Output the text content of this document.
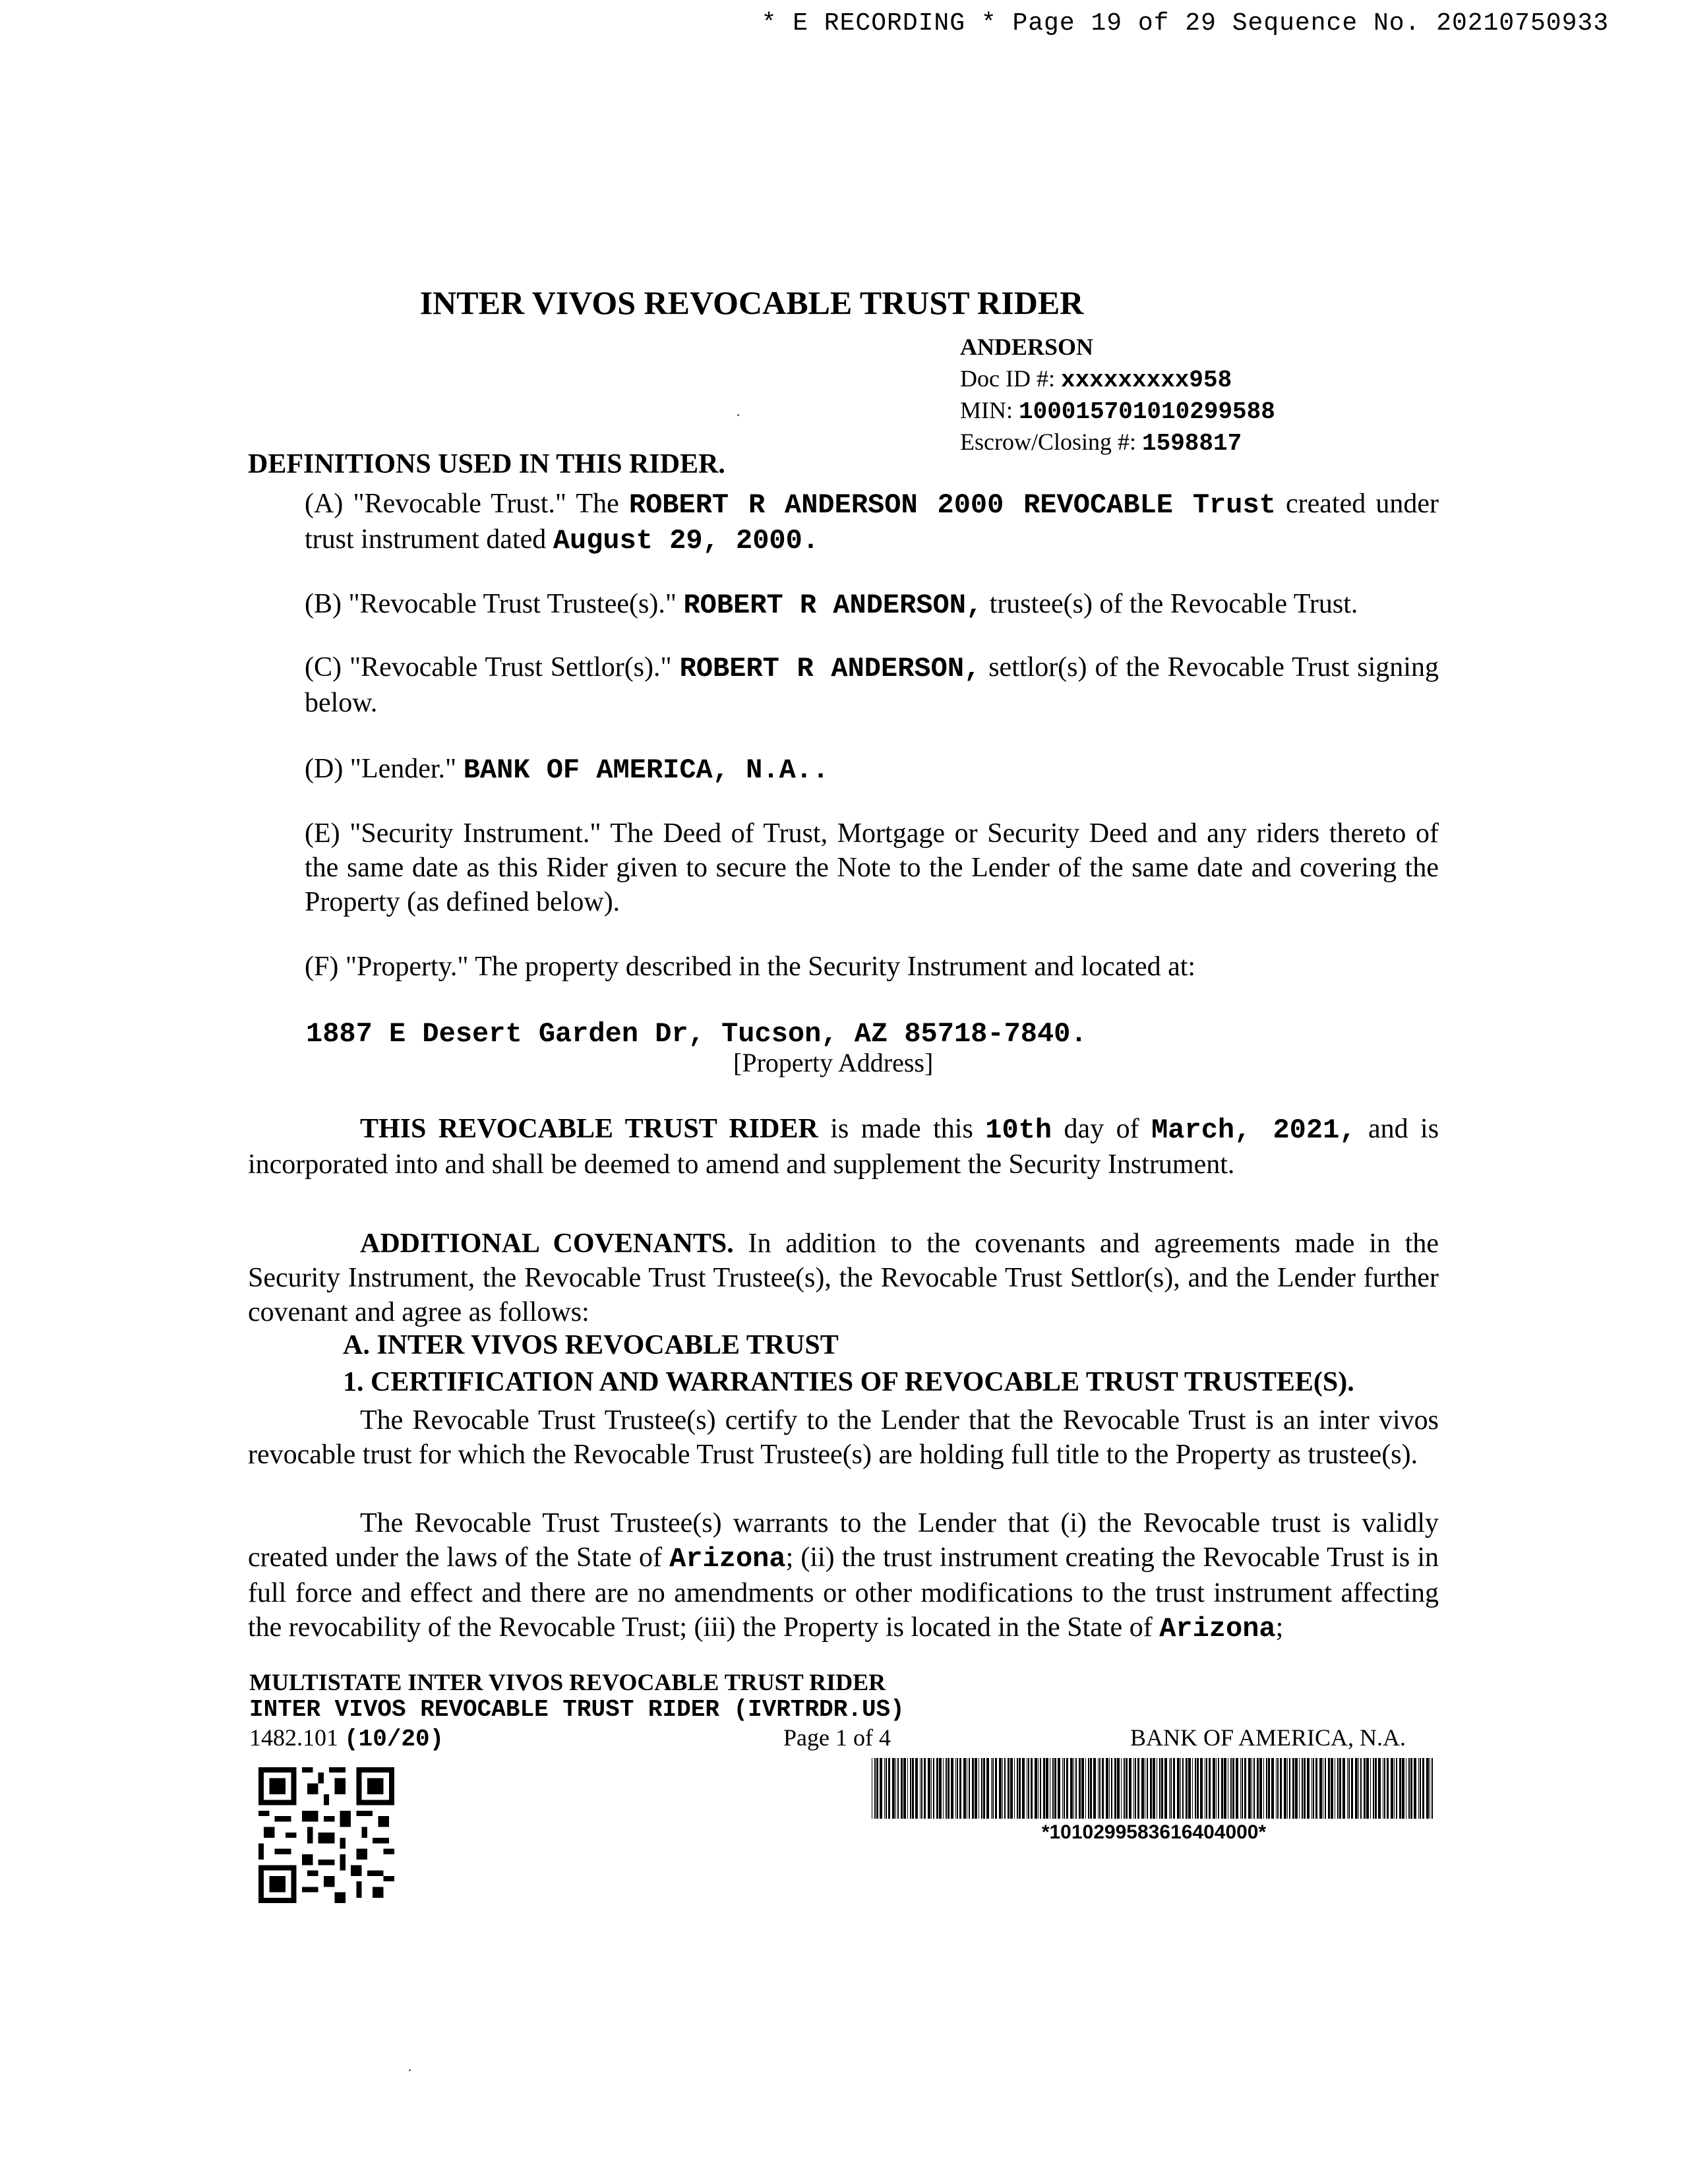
* E RECORDING * Page 19 of 29 Sequence No. 20210750933
INTER VIVOS REVOCABLE TRUST RIDER
ANDERSON
Doc ID #: xxxxxxxxx958
MIN: 100015701010299588
Escrow/Closing #: 1598817
DEFINITIONS USED IN THIS RIDER.
(A) "Revocable Trust." The ROBERT R ANDERSON 2000 REVOCABLE Trust created under trust instrument dated August 29, 2000.
(B) "Revocable Trust Trustee(s)." ROBERT R ANDERSON, trustee(s) of the Revocable Trust.
(C) "Revocable Trust Settlor(s)." ROBERT R ANDERSON, settlor(s) of the Revocable Trust signing below.
(D) "Lender." BANK OF AMERICA, N.A..
(E) "Security Instrument." The Deed of Trust, Mortgage or Security Deed and any riders thereto of the same date as this Rider given to secure the Note to the Lender of the same date and covering the Property (as defined below).
(F) "Property." The property described in the Security Instrument and located at:
1887 E Desert Garden Dr, Tucson, AZ 85718-7840.
[Property Address]
THIS REVOCABLE TRUST RIDER is made this 10th day of March, 2021, and is incorporated into and shall be deemed to amend and supplement the Security Instrument.
ADDITIONAL COVENANTS. In addition to the covenants and agreements made in the Security Instrument, the Revocable Trust Trustee(s), the Revocable Trust Settlor(s), and the Lender further covenant and agree as follows:
A. INTER VIVOS REVOCABLE TRUST
1. CERTIFICATION AND WARRANTIES OF REVOCABLE TRUST TRUSTEE(S).
The Revocable Trust Trustee(s) certify to the Lender that the Revocable Trust is an inter vivos revocable trust for which the Revocable Trust Trustee(s) are holding full title to the Property as trustee(s).
The Revocable Trust Trustee(s) warrants to the Lender that (i) the Revocable trust is validly created under the laws of the State of Arizona; (ii) the trust instrument creating the Revocable Trust is in full force and effect and there are no amendments or other modifications to the trust instrument affecting the revocability of the Revocable Trust; (iii) the Property is located in the State of Arizona;
MULTISTATE INTER VIVOS REVOCABLE TRUST RIDER
INTER VIVOS REVOCABLE TRUST RIDER (IVRTRDR.US)
1482.101 (10/20)	Page 1 of 4	BANK OF AMERICA, N.A.
*1010299583616404000*
